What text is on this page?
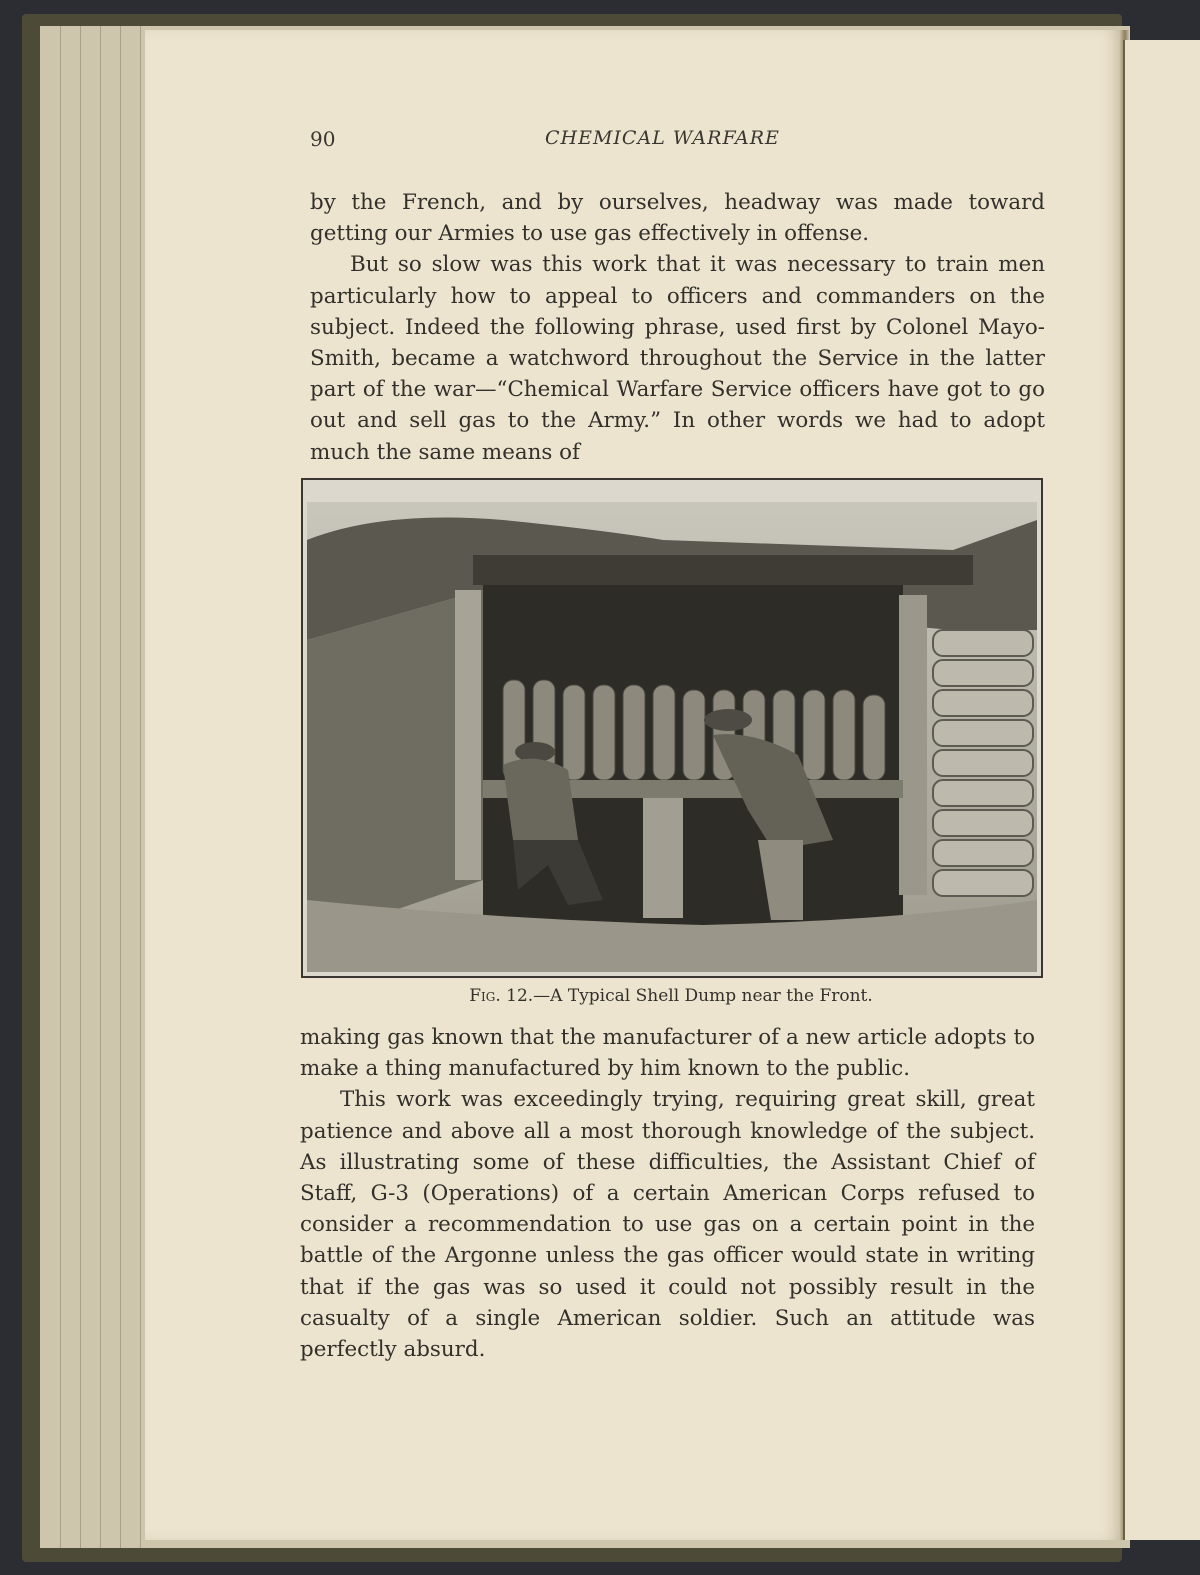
90	CHEMICAL WARFARE

by the French, and by ourselves, headway was made toward getting our Armies to use gas effectively in offense.

But so slow was this work that it was necessary to train men particularly how to appeal to officers and commanders on the subject. Indeed the following phrase, used first by Colonel Mayo-Smith, became a watchword throughout the Service in the latter part of the war—“Chemical Warfare Service officers have got to go out and sell gas to the Army.” In other words we had to adopt much the same means of

Fig. 12.—A Typical Shell Dump near the Front.

making gas known that the manufacturer of a new article adopts to make a thing manufactured by him known to the public.

This work was exceedingly trying, requiring great skill, great patience and above all a most thorough knowledge of the subject. As illustrating some of these difficulties, the Assistant Chief of Staff, G-3 (Operations) of a certain American Corps refused to consider a recommendation to use gas on a certain point in the battle of the Argonne unless the gas officer would state in writing that if the gas was so used it could not possibly result in the casualty of a single American soldier. Such an attitude was perfectly absurd.
